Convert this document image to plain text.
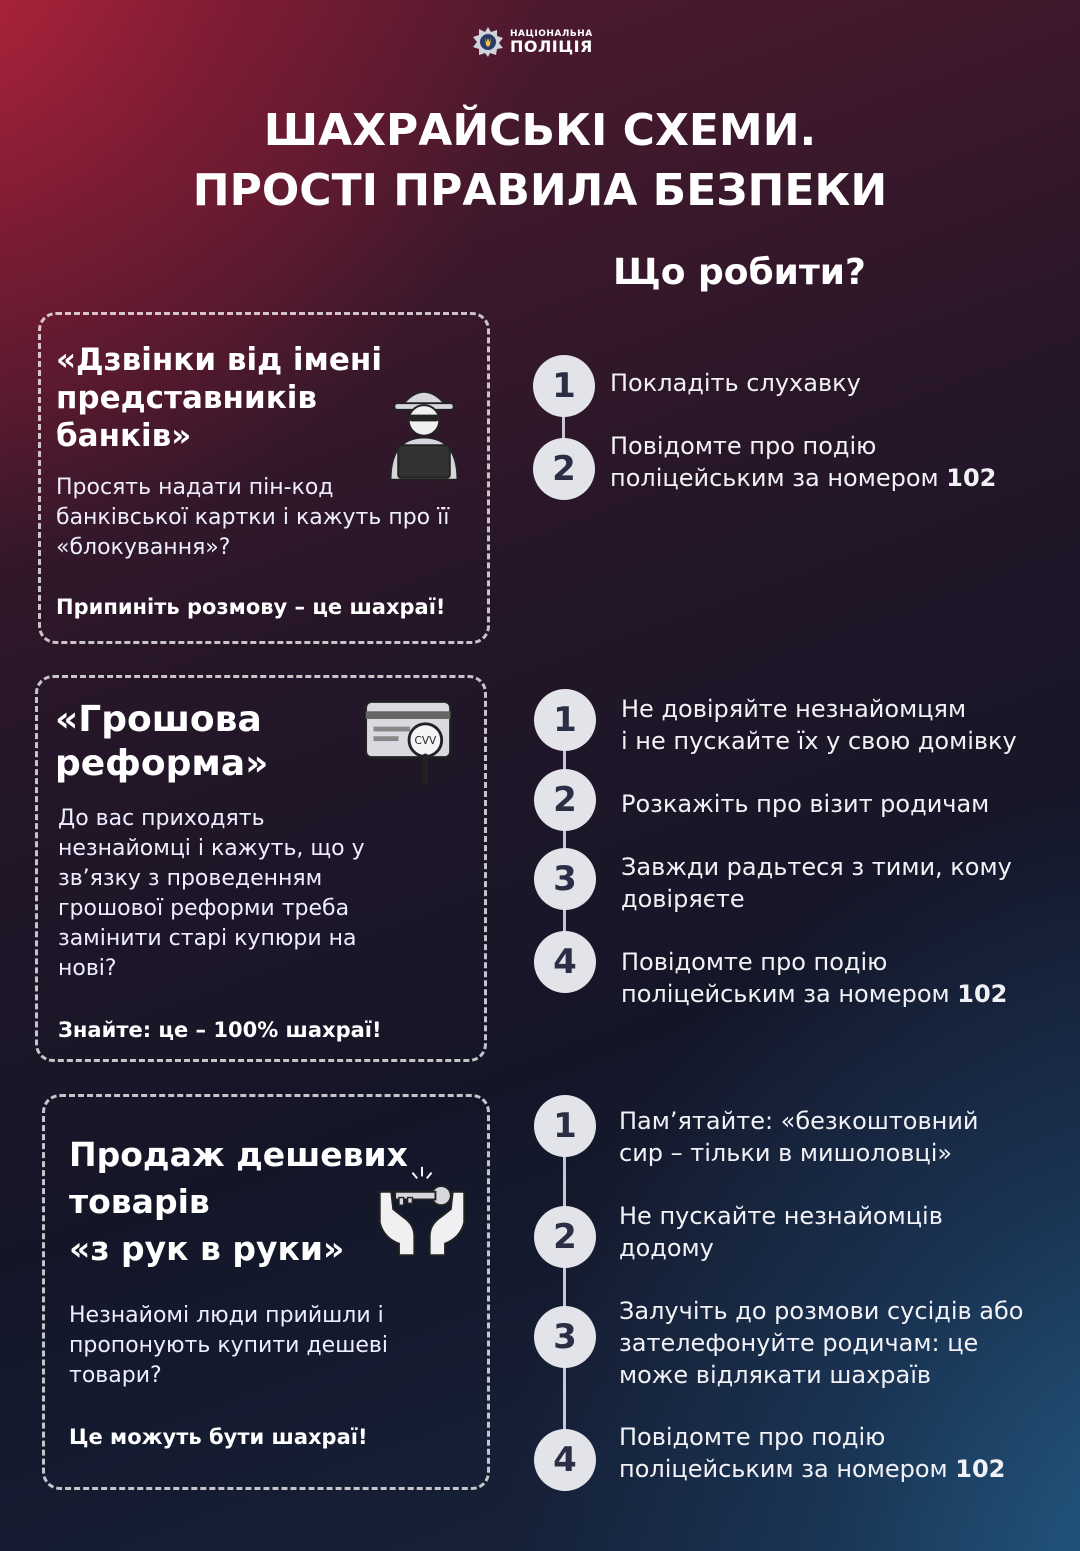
НАЦІОНАЛЬНА
ПОЛІЦІЯ
ШАХРАЙСЬКІ СХЕМИ.
ПРОСТІ ПРАВИЛА БЕЗПЕКИ
Що робити?
«Дзвінки від імені
представників
банків»
Просять надати пін-код
банківської картки і кажуть про її
«блокування»?
Припиніть розмову – це шахраї!
«Грошова
реформа»
CVV
До вас приходять
незнайомці і кажуть, що у
зв’язку з проведенням
грошової реформи треба
замінити старі купюри на
нові?
Знайте: це – 100% шахраї!
Продаж дешевих
товарів
«з рук в руки»
Незнайомі люди прийшли і
пропонують купити дешеві
товари?
Це можуть бути шахраї!
1	Покладіть слухавку
2
Повідомте про подію
поліцейським за номером 102
1	Не довіряйте незнайомцям
і не пускайте їх у свою домівку
2	Розкажіть про візит родичам
3	Завжди радьтеся з тими, кому
довіряєте
4	Повідомте про подію
поліцейським за номером 102
1	Пам’ятайте: «безкоштовний
сир – тільки в мишоловці»
2
Не пускайте незнайомців
додому
3
Залучіть до розмови сусідів або
зателефонуйте родичам: це
може відлякати шахраїв
4
Повідомте про подію
поліцейським за номером 102
